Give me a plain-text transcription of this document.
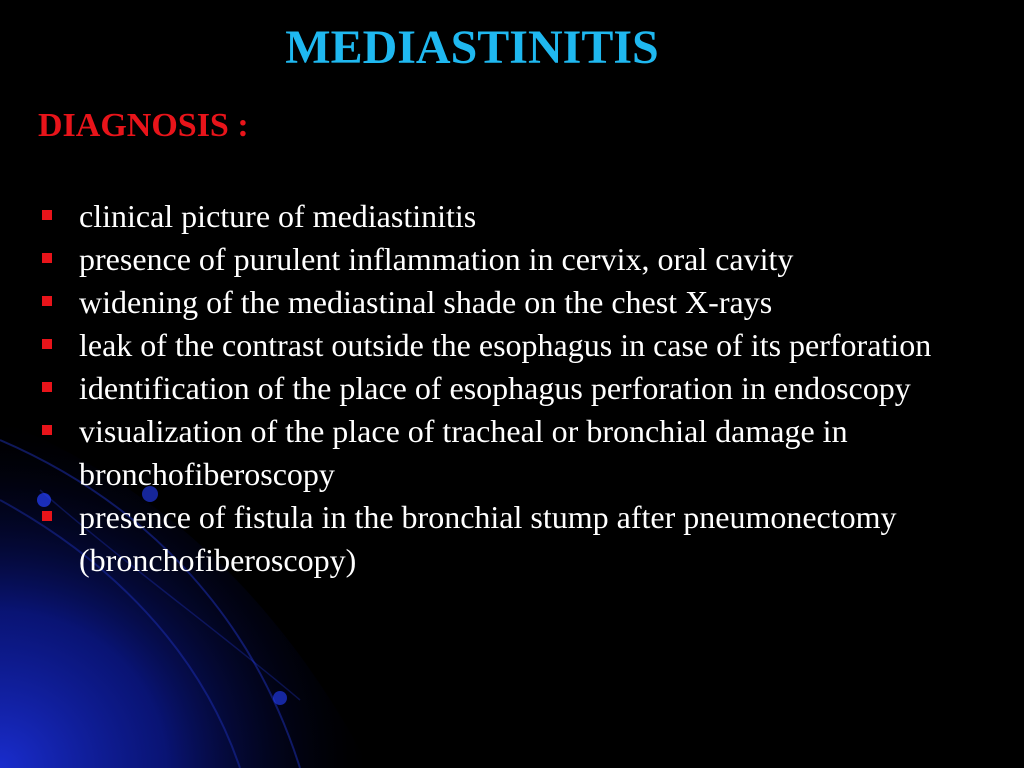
MEDIASTINITIS
DIAGNOSIS :
clinical picture of mediastinitis
presence of purulent inflammation in cervix, oral cavity
widening of the mediastinal shade on the chest X-rays
leak of the contrast outside the esophagus in case of its perforation
identification of the place of esophagus perforation in endoscopy
visualization of the place of tracheal or bronchial damage in bronchofiberoscopy
presence of fistula in the bronchial stump after pneumonectomy (bronchofiberoscopy)
